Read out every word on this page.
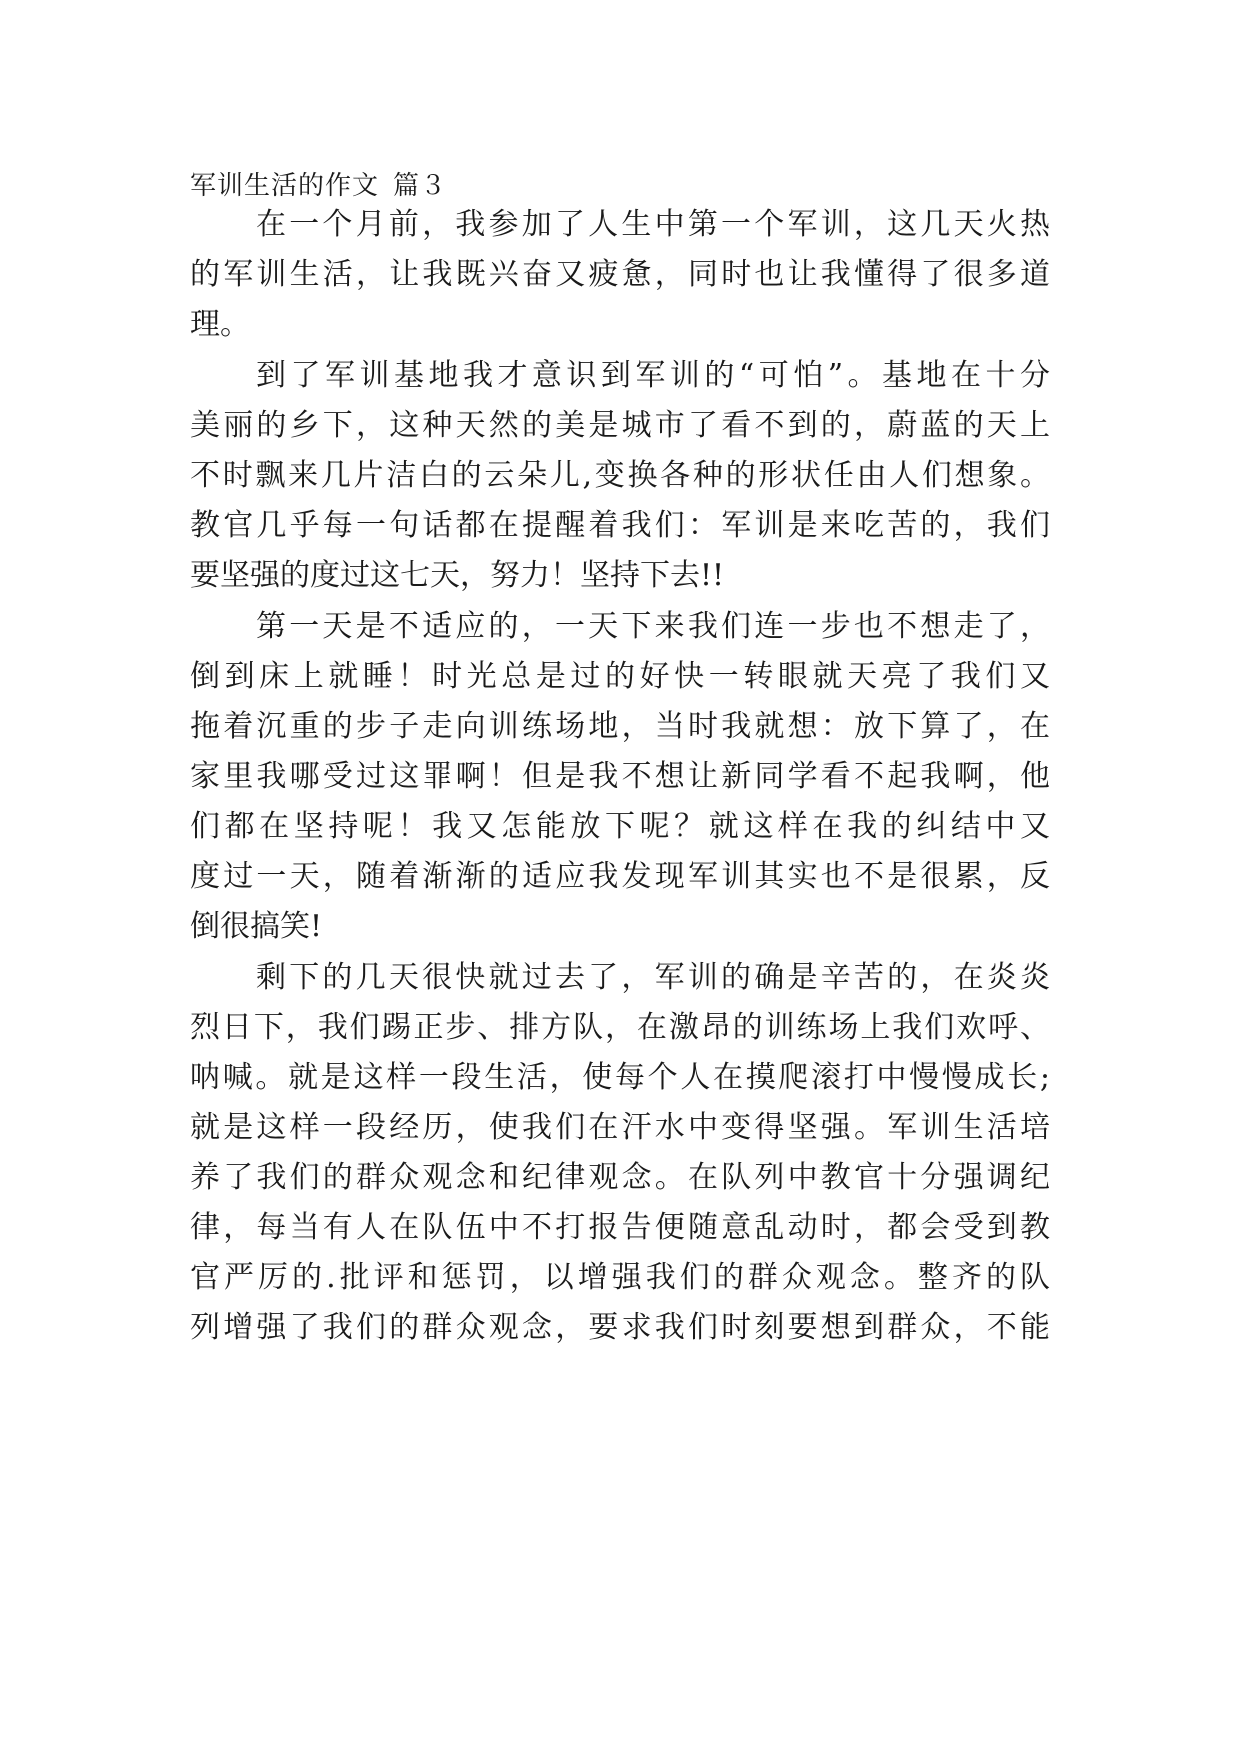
军训生活的作文 篇３
在一个月前，我参加了人生中第一个军训，这几天火热
的军训生活，让我既兴奋又疲惫，同时也让我懂得了很多道
理。
到了军训基地我才意识到军训的“可怕”。基地在十分
美丽的乡下，这种天然的美是城市了看不到的，蔚蓝的天上
不时飘来几片洁白的云朵儿,变换各种的形状任由人们想象。
教官几乎每一句话都在提醒着我们：军训是来吃苦的，我们
要坚强的度过这七天，努力！坚持下去!!
第一天是不适应的，一天下来我们连一步也不想走了，
倒到床上就睡！时光总是过的好快一转眼就天亮了我们又
拖着沉重的步子走向训练场地，当时我就想：放下算了，在
家里我哪受过这罪啊！但是我不想让新同学看不起我啊，他
们都在坚持呢！我又怎能放下呢？就这样在我的纠结中又
度过一天，随着渐渐的适应我发现军训其实也不是很累，反
倒很搞笑!
剩下的几天很快就过去了，军训的确是辛苦的，在炎炎
烈日下，我们踢正步、排方队，在激昂的训练场上我们欢呼、
呐喊。就是这样一段生活，使每个人在摸爬滚打中慢慢成长;
就是这样一段经历，使我们在汗水中变得坚强。军训生活培
养了我们的群众观念和纪律观念。在队列中教官十分强调纪
律，每当有人在队伍中不打报告便随意乱动时，都会受到教
官严厉的.批评和惩罚，以增强我们的群众观念。整齐的队
列增强了我们的群众观念，要求我们时刻要想到群众，不能
